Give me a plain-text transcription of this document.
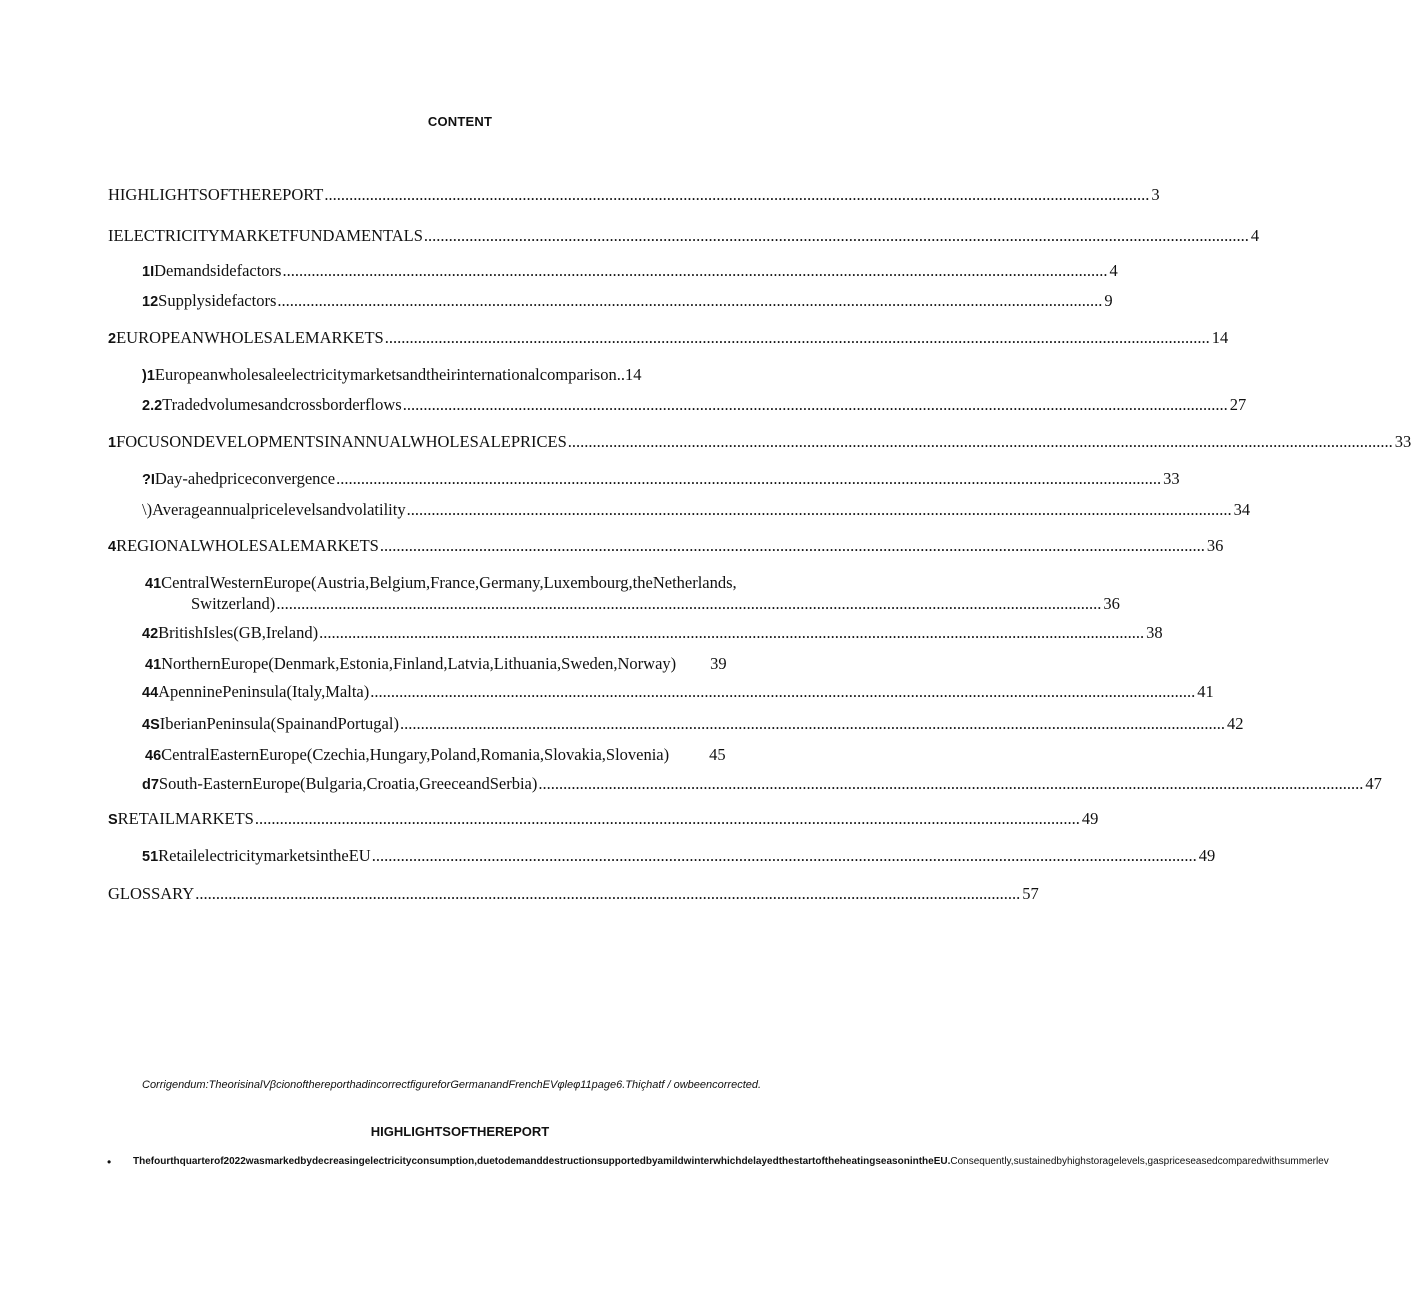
CONTENT
HIGHLIGHTSOFTHEREPORT .....	3
I ELECTRICITYMARKETFUNDAMENTALS .....	4
1I Demandsidefactors .....	4
12 Supplysidefactors .....	9
2 EUROPEANWHOLESALEMARKETS .....	14
)1 Europeanwholesaleelectricitymarketsandtheirinternationalcomparison..14
2.2 Tradedvolumesandcrossborderflows .....	27
1 FOCUSONDEVELOPMENTSINANNUALWHOLESALEPRICES .....	33
?I Day-ahedpriceconvergence .....	33
\) Averageannualpricelevelsandvolatility .....	34
4 REGIONALWHOLESALEMARKETS .....	36
41 CentralWesternEurope(Austria,Belgium,France,Germany,Luxembourg,theNetherlands,
Switzerland) .....	36
42 BritishIsles(GB,Ireland) .....	38
41 NorthernEurope(Denmark,Estonia,Finland,Latvia,Lithuania,Sweden,Norway) 39
44 ApenninePeninsula(Italy,Malta) .....	41
4S IberianPeninsula(SpainandPortugal) .....	42
46 CentralEasternEurope(Czechia,Hungary,Poland,Romania,Slovakia,Slovenia) 45
d7 South-EasternEurope(Bulgaria,Croatia,GreeceandSerbia) .....	47
S RETAILMARKETS .....	49
51 RetailelectricitymarketsintheEU .....	49
GLOSSARY .....	57
Corrigendum:TheorisinalVβcionofthereporthadincorrectfigureforGermanandFrenchEVφleφ11page6.Thiçhatf / owbeencorrected.
HIGHLIGHTSOFTHEREPORT
• Thefourthquarterof2022wasmarkedbydecreasingelectricityconsumption,duetodemanddestructionsupportedbyamildwinterwhichdelayedthestartoftheheatingseasonintheEU.Consequently,sustainedbyhighstoragelevels,gaspriceseasedcomparedwithsummerlev
